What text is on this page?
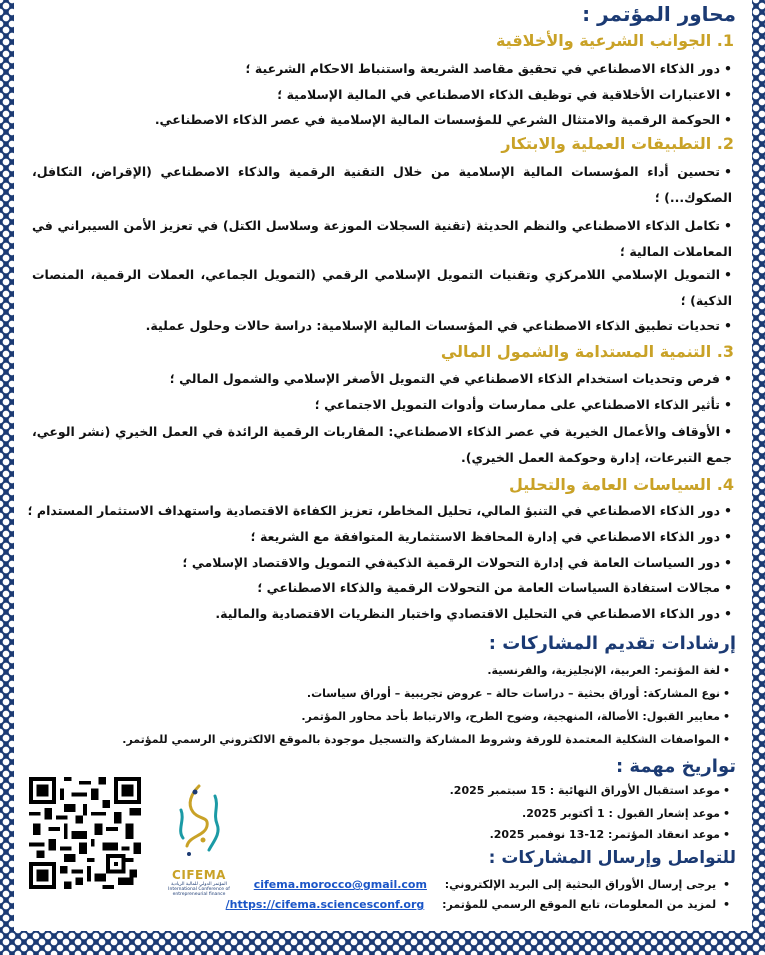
محاور المؤتمر :
1. الجوانب الشرعية والأخلاقية
• دور الذكاء الاصطناعي في تحقيق مقاصد الشريعة واستنباط الاحكام الشرعية ؛
• الاعتبارات الأخلاقية في توظيف الذكاء الاصطناعي في المالية الإسلامية ؛
• الحوكمة الرقمية والامتثال الشرعي للمؤسسات المالية الإسلامية في عصر الذكاء الاصطناعي.
2. التطبيقات العملية والابتكار
• تحسين أداء المؤسسات المالية الإسلامية من خلال التقنية الرقمية والذكاء الاصطناعي (الإقراض، التكافل، الصكوك...) ؛
• تكامل الذكاء الاصطناعي والنظم الحديثة (تقنية السجلات الموزعة وسلاسل الكتل) في تعزيز الأمن السيبراني في المعاملات المالية ؛
• التمويل الإسلامي اللامركزي وتقنيات التمويل الإسلامي الرقمي (التمويل الجماعي، العملات الرقمية، المنصات الذكية) ؛
• تحديات تطبيق الذكاء الاصطناعي في المؤسسات المالية الإسلامية: دراسة حالات وحلول عملية.
3. التنمية المستدامة والشمول المالي
• فرص وتحديات استخدام الذكاء الاصطناعي في التمويل الأصغر الإسلامي والشمول المالي ؛
• تأثير الذكاء الاصطناعي على ممارسات وأدوات التمويل الاجتماعي ؛
• الأوقاف والأعمال الخيرية في عصر الذكاء الاصطناعي: المقاربات الرقمية الرائدة في العمل الخيري (نشر الوعي، جمع التبرعات، إدارة وحوكمة العمل الخيري).
4. السياسات العامة والتحليل
• دور الذكاء الاصطناعي في التنبؤ المالي، تحليل المخاطر، تعزيز الكفاءة الاقتصادية واستهداف الاستثمار المستدام ؛
• دور الذكاء الاصطناعي في إدارة المحافظ الاستثمارية المتوافقة مع الشريعة ؛
• دور السياسات العامة في إدارة التحولات الرقمية الذكيةفي التمويل والاقتصاد الإسلامي ؛
• مجالات استفادة السياسات العامة من التحولات الرقمية والذكاء الاصطناعي ؛
• دور الذكاء الاصطناعي في التحليل الاقتصادي واختبار النظريات الاقتصادية والمالية.
إرشادات تقديم المشاركات :
• لغة المؤتمر: العربية، الإنجليزية، والفرنسية.
• نوع المشاركة: أوراق بحثية – دراسات حالة – عروض تجريبية – أوراق سياسات.
• معايير القبول: الأصالة، المنهجية، وضوح الطرح، والارتباط بأحد محاور المؤتمر.
• المواصفات الشكلية المعتمدة للورقة وشروط المشاركة والتسجيل موجودة بالموقع الالكتروني الرسمي للمؤتمر.
تواريخ مهمة :
• موعد استقبال الأوراق النهائية : 15 سبتمبر 2025.
• موعد إشعار القبول : 1 أكتوبر 2025.
• موعد انعقاد المؤتمر: 12-13 نوفمبر 2025.
للتواصل وإرسال المشاركات :
• يرجى إرسال الأوراق البحثية إلى البريد الإلكتروني: cifema.morocco@gmail.com
• لمزيد من المعلومات، تابع الموقع الرسمي للمؤتمر: https://cifema.sciencesconf.org/
CIFEMA
المؤتمر الدولي للمالية الريادية
International Conference of entrepreneurial finance
